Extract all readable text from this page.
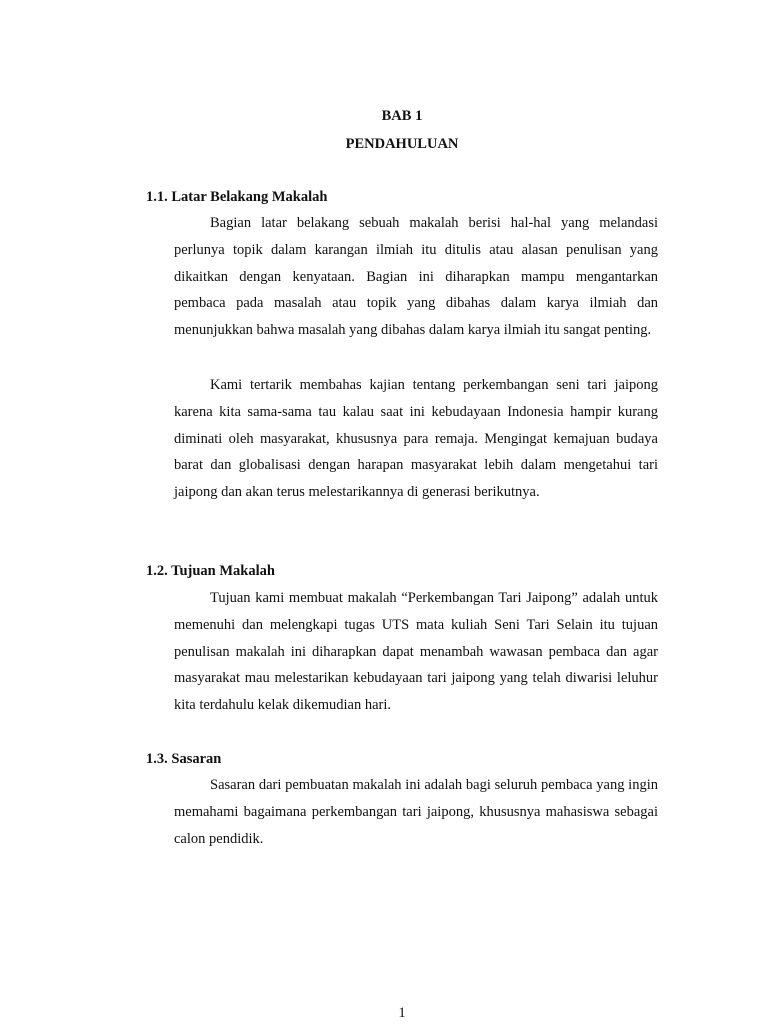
BAB 1
PENDAHULUAN
1.1. Latar Belakang Makalah

Bagian latar belakang sebuah makalah berisi hal-hal yang melandasi perlunya topik dalam karangan ilmiah itu ditulis atau alasan penulisan yang dikaitkan dengan kenyataan. Bagian ini diharapkan mampu mengantarkan pembaca pada masalah atau topik yang dibahas dalam karya ilmiah dan menunjukkan bahwa masalah yang dibahas dalam karya ilmiah itu sangat penting.

Kami tertarik membahas kajian tentang perkembangan seni tari jaipong karena kita sama-sama tau kalau saat ini kebudayaan Indonesia hampir kurang diminati oleh masyarakat, khususnya para remaja. Mengingat kemajuan budaya barat dan globalisasi dengan harapan masyarakat lebih dalam mengetahui tari jaipong dan akan terus melestarikannya di generasi berikutnya.

1.2. Tujuan Makalah

Tujuan kami membuat makalah “Perkembangan Tari Jaipong” adalah untuk memenuhi dan melengkapi tugas UTS mata kuliah Seni Tari Selain itu tujuan penulisan makalah ini diharapkan dapat menambah wawasan pembaca dan agar masyarakat mau melestarikan kebudayaan tari jaipong yang telah diwarisi leluhur kita terdahulu kelak dikemudian hari.

1.3. Sasaran

Sasaran dari pembuatan makalah ini adalah bagi seluruh pembaca yang ingin memahami bagaimana perkembangan tari jaipong, khususnya mahasiswa sebagai calon pendidik.

1
